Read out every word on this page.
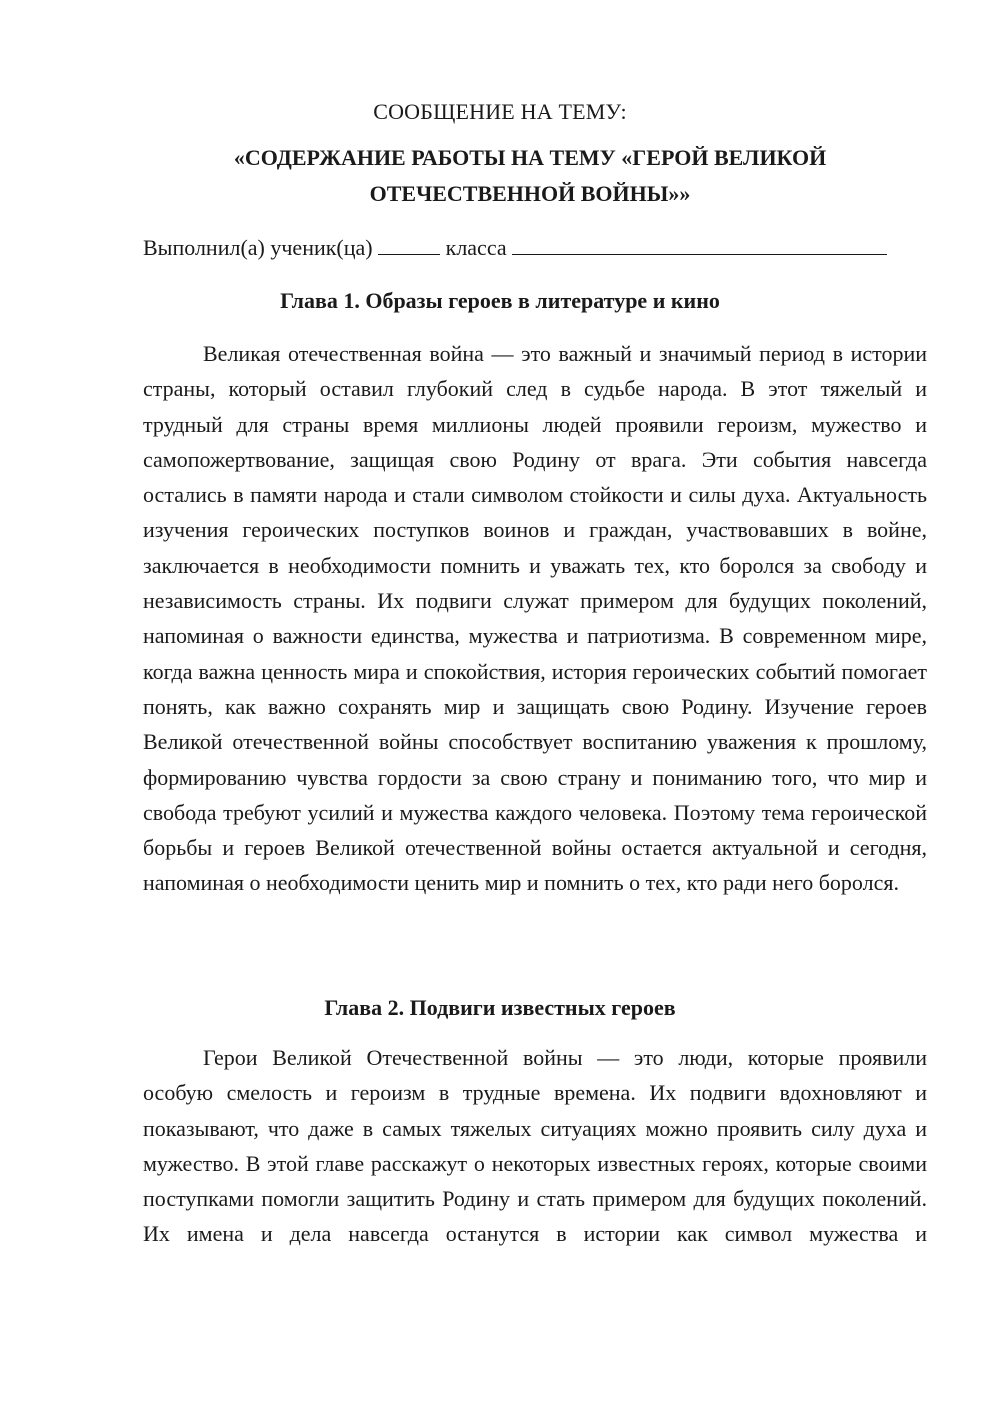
СООБЩЕНИЕ НА ТЕМУ:

«СОДЕРЖАНИЕ РАБОТЫ НА ТЕМУ «ГЕРОЙ ВЕЛИКОЙ ОТЕЧЕСТВЕННОЙ ВОЙНЫ»»
Выполнил(а) ученик(ца)	класса
Глава 1. Образы героев в литературе и кино

Великая отечественная война — это важный и значимый период в истории страны, который оставил глубокий след в судьбе народа. В этот тяжелый и трудный для страны время миллионы людей проявили героизм, мужество и самопожертвование, защищая свою Родину от врага. Эти события навсегда остались в памяти народа и стали символом стойкости и силы духа. Актуальность изучения героических поступков воинов и граждан, участвовавших в войне, заключается в необходимости помнить и уважать тех, кто боролся за свободу и независимость страны. Их подвиги служат примером для будущих поколений, напоминая о важности единства, мужества и патриотизма. В современном мире, когда важна ценность мира и спокойствия, история героических событий помогает понять, как важно сохранять мир и защищать свою Родину. Изучение героев Великой отечественной войны способствует воспитанию уважения к прошлому, формированию чувства гордости за свою страну и пониманию того, что мир и свобода требуют усилий и мужества каждого человека. Поэтому тема героической борьбы и героев Великой отечественной войны остается актуальной и сегодня, напоминая о необходимости ценить мир и помнить о тех, кто ради него боролся.

Глава 2. Подвиги известных героев

Герои Великой Отечественной войны — это люди, которые проявили особую смелость и героизм в трудные времена. Их подвиги вдохновляют и показывают, что даже в самых тяжелых ситуациях можно проявить силу духа и мужество. В этой главе расскажут о некоторых известных героях, которые своими поступками помогли защитить Родину и стать примером для будущих поколений. Их имена и дела навсегда останутся в истории как символ мужества и
